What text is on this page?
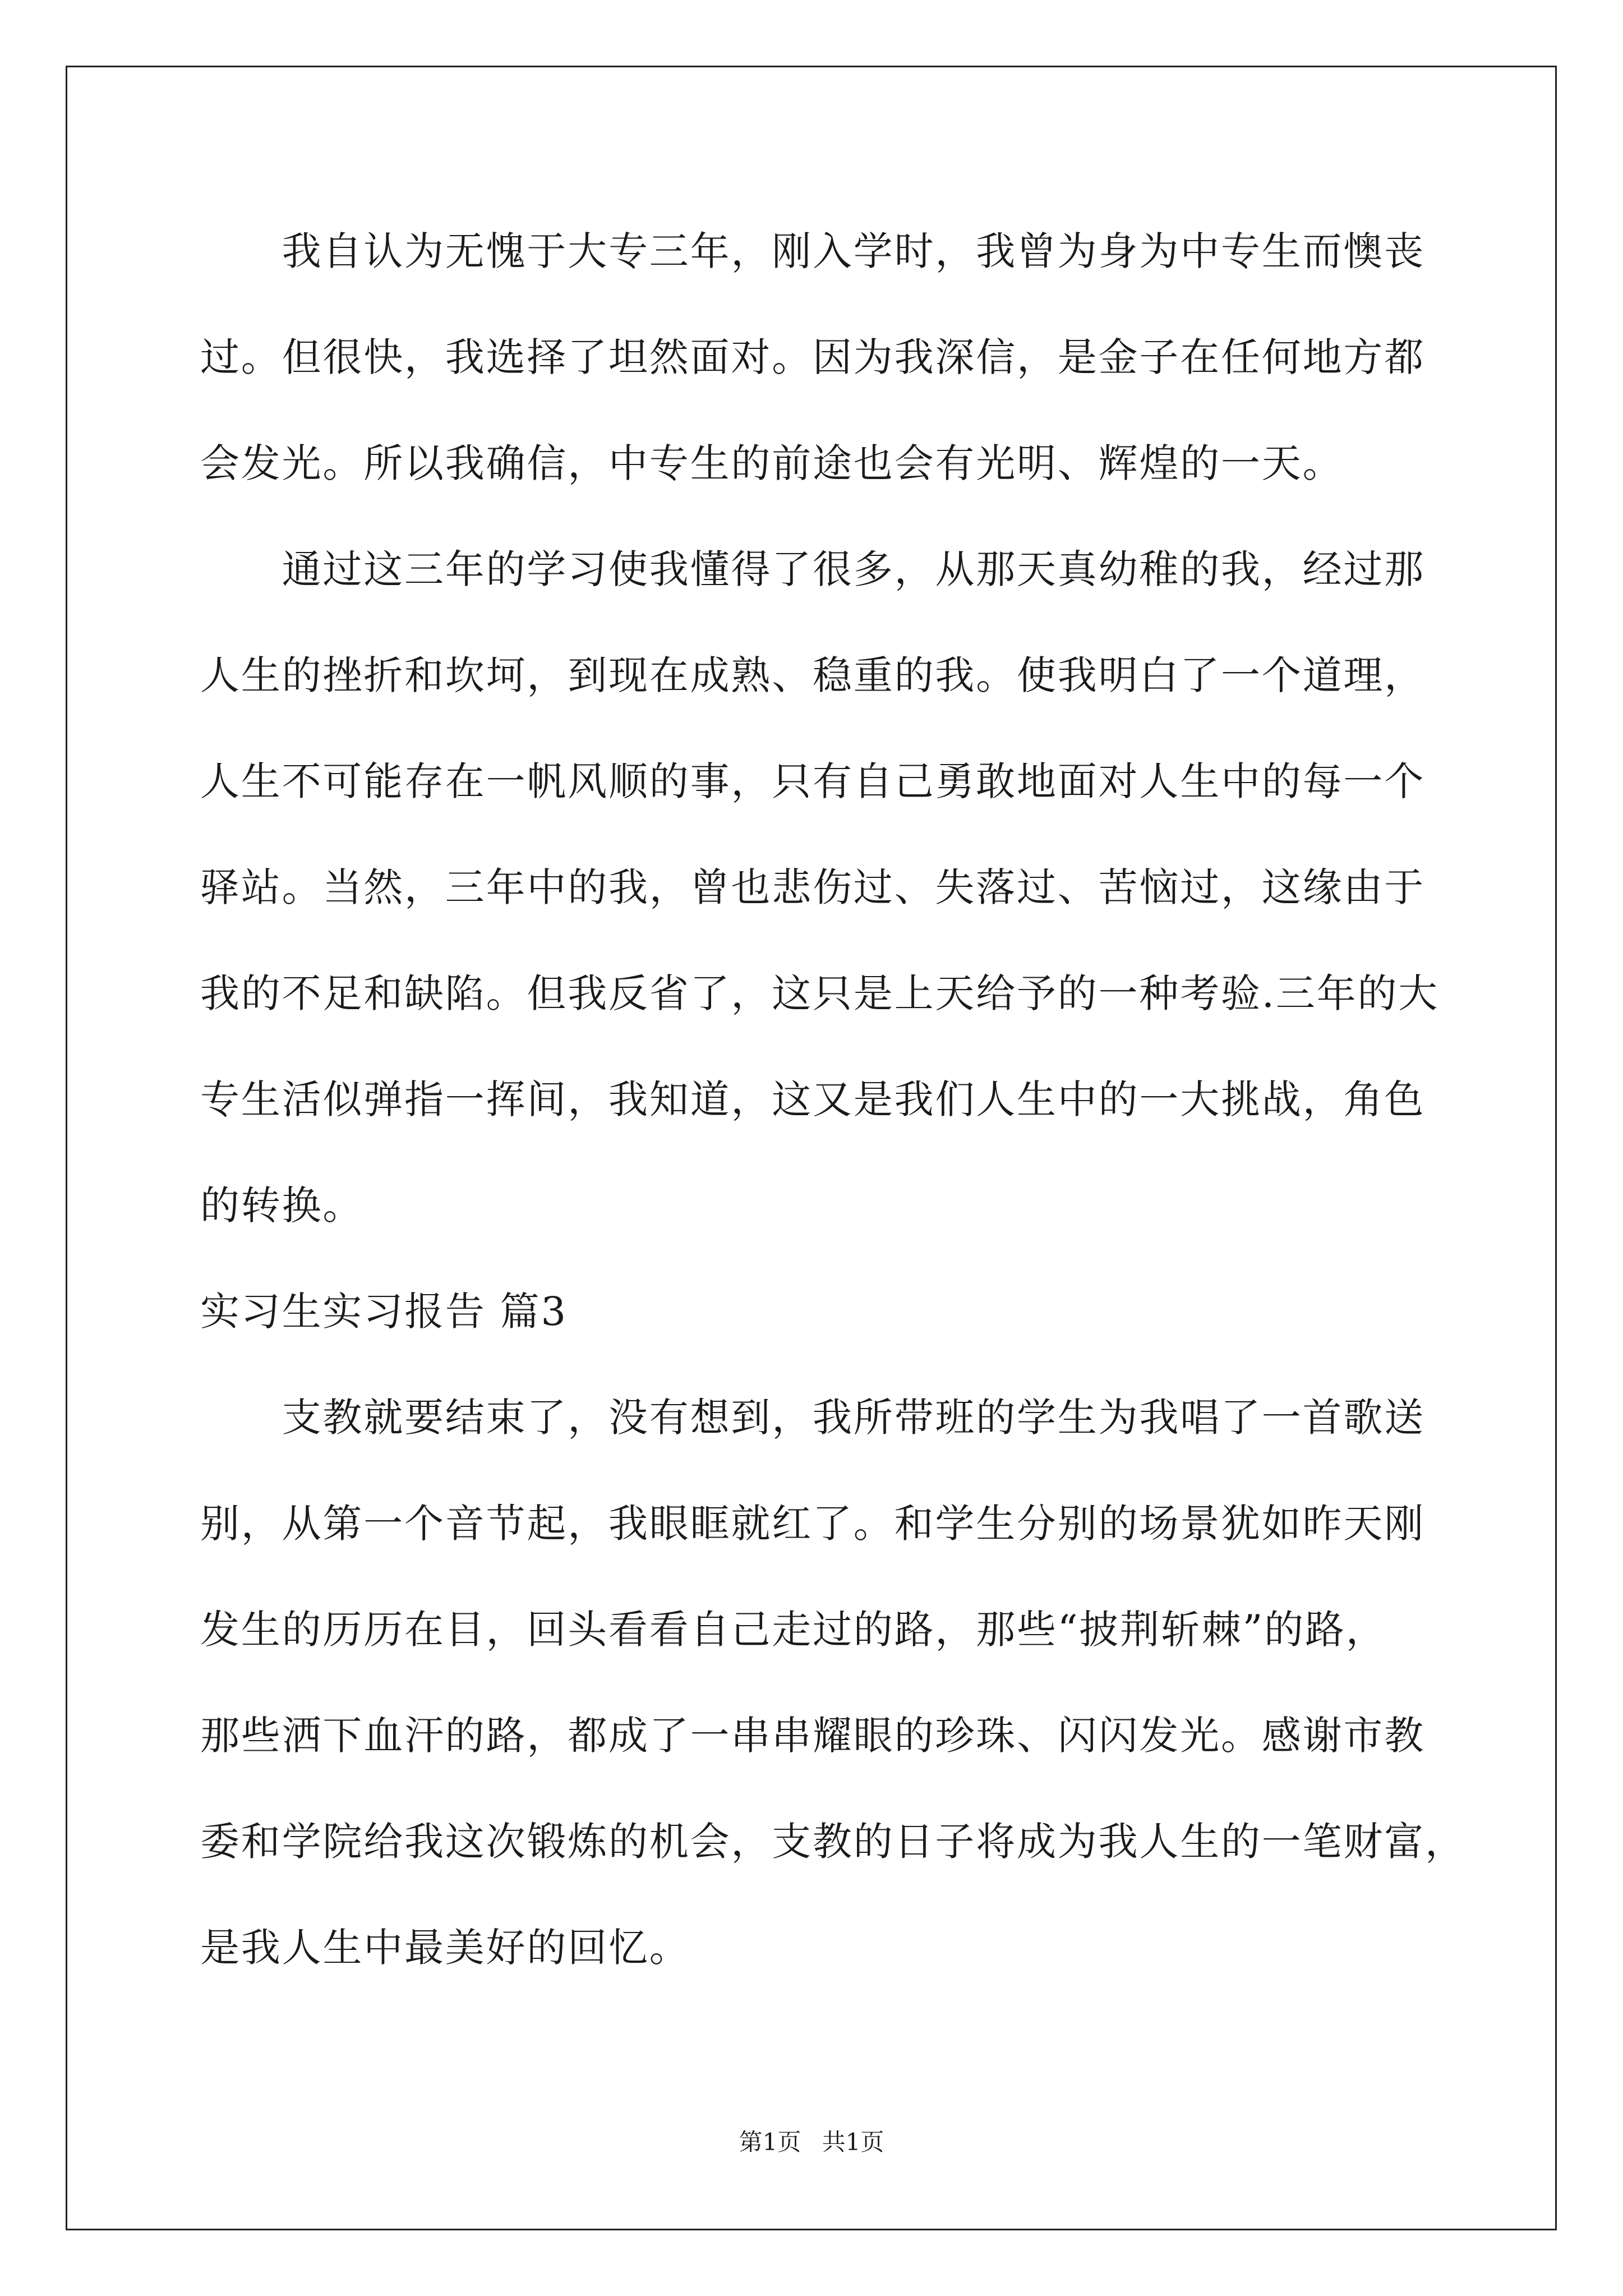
我自认为无愧于大专三年，刚入学时，我曾为身为中专生而懊丧
过。但很快，我选择了坦然面对。因为我深信，是金子在任何地方都
会发光。所以我确信，中专生的前途也会有光明、辉煌的一天。
通过这三年的学习使我懂得了很多，从那天真幼稚的我，经过那
人生的挫折和坎坷，到现在成熟、稳重的我。使我明白了一个道理，
人生不可能存在一帆风顺的事，只有自己勇敢地面对人生中的每一个
驿站。当然，三年中的我，曾也悲伤过、失落过、苦恼过，这缘由于
我的不足和缺陷。但我反省了，这只是上天给予的一种考验.三年的大
专生活似弹指一挥间，我知道，这又是我们人生中的一大挑战，角色
的转换。
实习生实习报告 篇3
支教就要结束了，没有想到，我所带班的学生为我唱了一首歌送
别，从第一个音节起，我眼眶就红了。和学生分别的场景犹如昨天刚
发生的历历在目，回头看看自己走过的路，那些“披荆斩棘”的路，
那些洒下血汗的路，都成了一串串耀眼的珍珠、闪闪发光。感谢市教
委和学院给我这次锻炼的机会，支教的日子将成为我人生的一笔财富，
是我人生中最美好的回忆。
第1页 共1页
